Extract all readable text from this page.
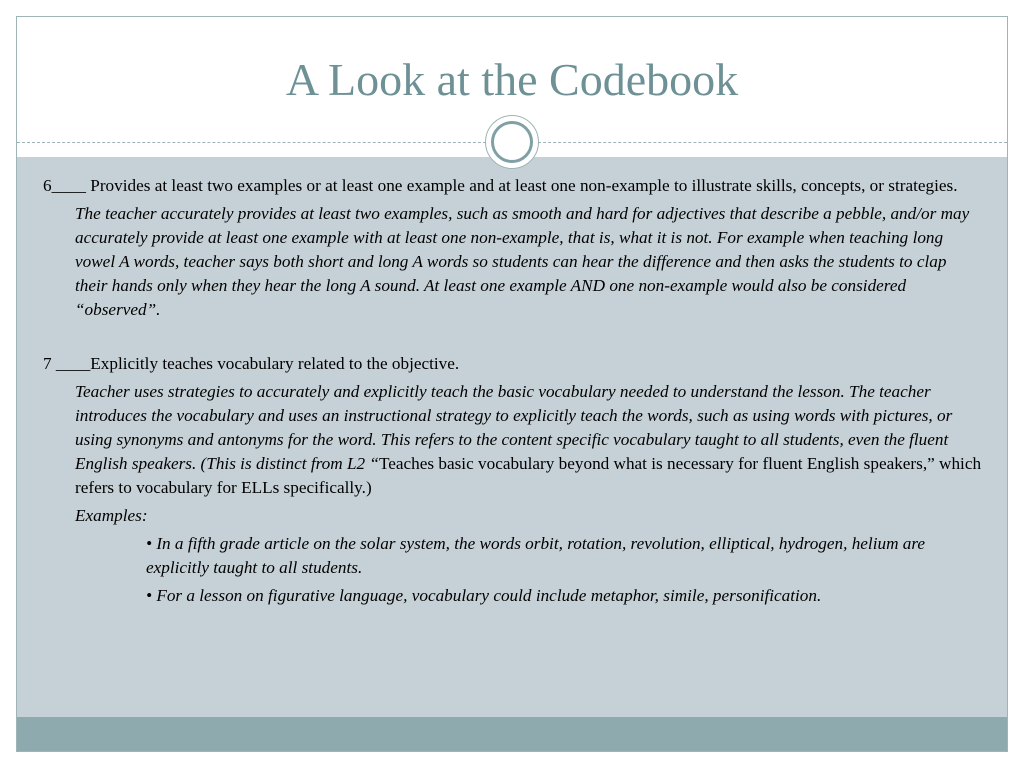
A Look at the Codebook

6____ Provides at least two examples or at least one example and at least one non-example to illustrate skills, concepts, or strategies.

The teacher accurately provides at least two examples, such as smooth and hard for adjectives that describe a pebble, and/or may accurately provide at least one example with at least one non-example, that is, what it is not. For example when teaching long vowel A words, teacher says both short and long A words so students can hear the difference and then asks the students to clap their hands only when they hear the long A sound. At least one example AND one non-example would also be considered “observed”.

7 ____Explicitly teaches vocabulary related to the objective.

Teacher uses strategies to accurately and explicitly teach the basic vocabulary needed to understand the lesson. The teacher introduces the vocabulary and uses an instructional strategy to explicitly teach the words, such as using words with pictures, or using synonyms and antonyms for the word. This refers to the content specific vocabulary taught to all students, even the fluent English speakers. (This is distinct from L2 “Teaches basic vocabulary beyond what is necessary for fluent English speakers,” which refers to vocabulary for ELLs specifically.)

Examples:

• In a fifth grade article on the solar system, the words orbit, rotation, revolution, elliptical, hydrogen, helium are explicitly taught to all students.

• For a lesson on figurative language, vocabulary could include metaphor, simile, personification.
